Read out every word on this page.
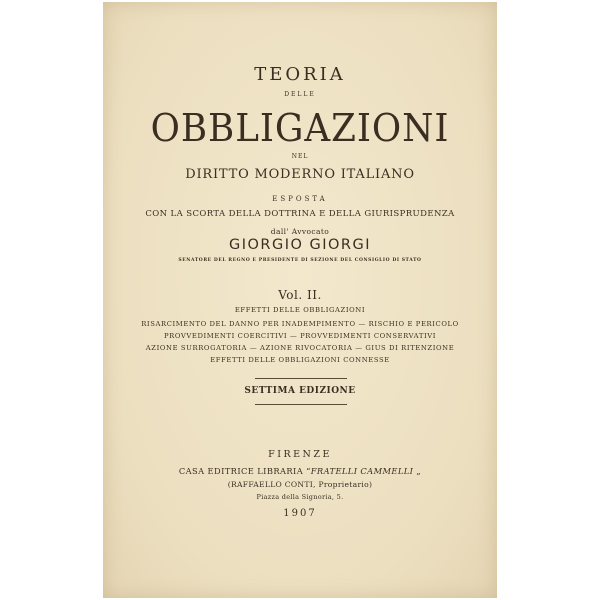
TEORIA
DELLE
OBBLIGAZIONI
NEL
DIRITTO MODERNO ITALIANO
ESPOSTA
CON LA SCORTA DELLA DOTTRINA E DELLA GIURISPRUDENZA
dall' Avvocato
GIORGIO GIORGI
SENATORE DEL REGNO E PRESIDENTE DI SEZIONE DEL CONSIGLIO DI STATO
Vol. II.
EFFETTI DELLE OBBLIGAZIONI
RISARCIMENTO DEL DANNO PER INADEMPIMENTO — RISCHIO E PERICOLO
PROVVEDIMENTI COERCITIVI — PROVVEDIMENTI CONSERVATIVI
AZIONE SURROGATORIA — AZIONE RIVOCATORIA — GIUS DI RITENZIONE
EFFETTI DELLE OBBLIGAZIONI CONNESSE
SETTIMA EDIZIONE
FIRENZE
CASA EDITRICE LIBRARIA “FRATELLI CAMMELLI „
(RAFFAELLO CONTI, Proprietario)
Piazza della Signoria, 5.
1907
